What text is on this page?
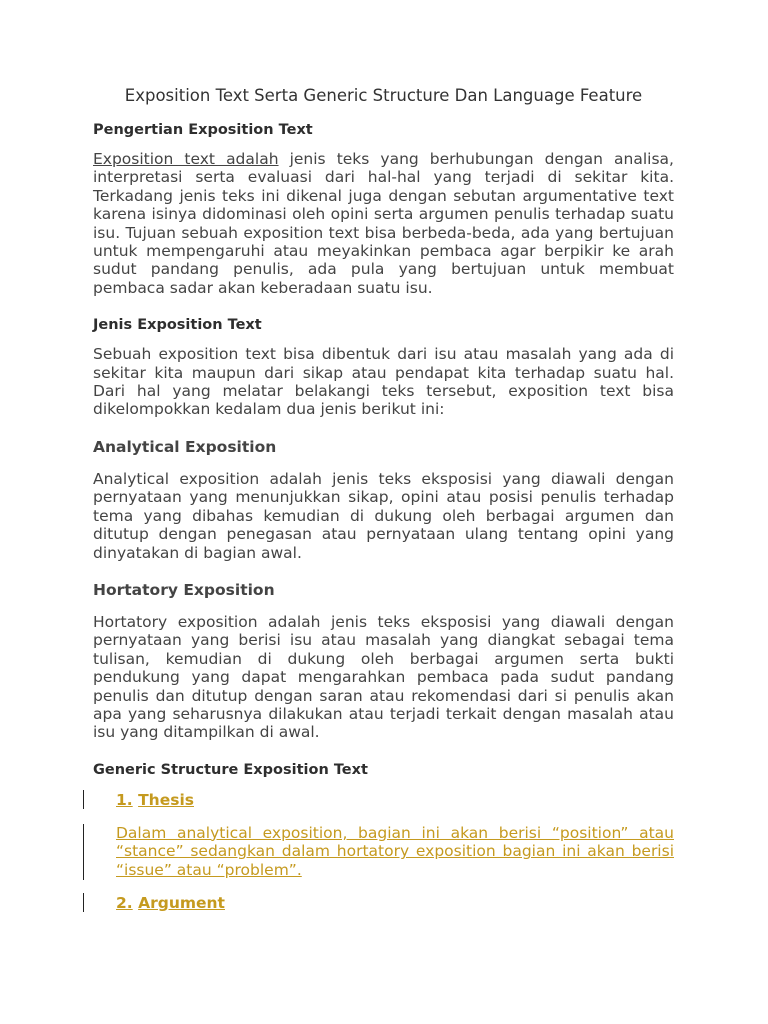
Exposition Text Serta Generic Structure Dan Language Feature
Pengertian Exposition Text

Exposition text adalah jenis teks yang berhubungan dengan analisa, interpretasi serta evaluasi dari hal-hal yang terjadi di sekitar kita. Terkadang jenis teks ini dikenal juga dengan sebutan argumentative text karena isinya didominasi oleh opini serta argumen penulis terhadap suatu isu. Tujuan sebuah exposition text bisa berbeda-beda, ada yang bertujuan untuk mempengaruhi atau meyakinkan pembaca agar berpikir ke arah sudut pandang penulis, ada pula yang bertujuan untuk membuat pembaca sadar akan keberadaan suatu isu.

Jenis Exposition Text

Sebuah exposition text bisa dibentuk dari isu atau masalah yang ada di sekitar kita maupun dari sikap atau pendapat kita terhadap suatu hal. Dari hal yang melatar belakangi teks tersebut, exposition text bisa dikelompokkan kedalam dua jenis berikut ini:

Analytical Exposition

Analytical exposition adalah jenis teks eksposisi yang diawali dengan pernyataan yang menunjukkan sikap, opini atau posisi penulis terhadap tema yang dibahas kemudian di dukung oleh berbagai argumen dan ditutup dengan penegasan atau pernyataan ulang tentang opini yang dinyatakan di bagian awal.

Hortatory Exposition

Hortatory exposition adalah jenis teks eksposisi yang diawali dengan pernyataan yang berisi isu atau masalah yang diangkat sebagai tema tulisan, kemudian di dukung oleh berbagai argumen serta bukti pendukung yang dapat mengarahkan pembaca pada sudut pandang penulis dan ditutup dengan saran atau rekomendasi dari si penulis akan apa yang seharusnya dilakukan atau terjadi terkait dengan masalah atau isu yang ditampilkan di awal.

Generic Structure Exposition Text
1. Thesis

Dalam analytical exposition, bagian ini akan berisi “position” atau “stance” sedangkan dalam hortatory exposition bagian ini akan berisi “issue” atau “problem”.

2. Argument
